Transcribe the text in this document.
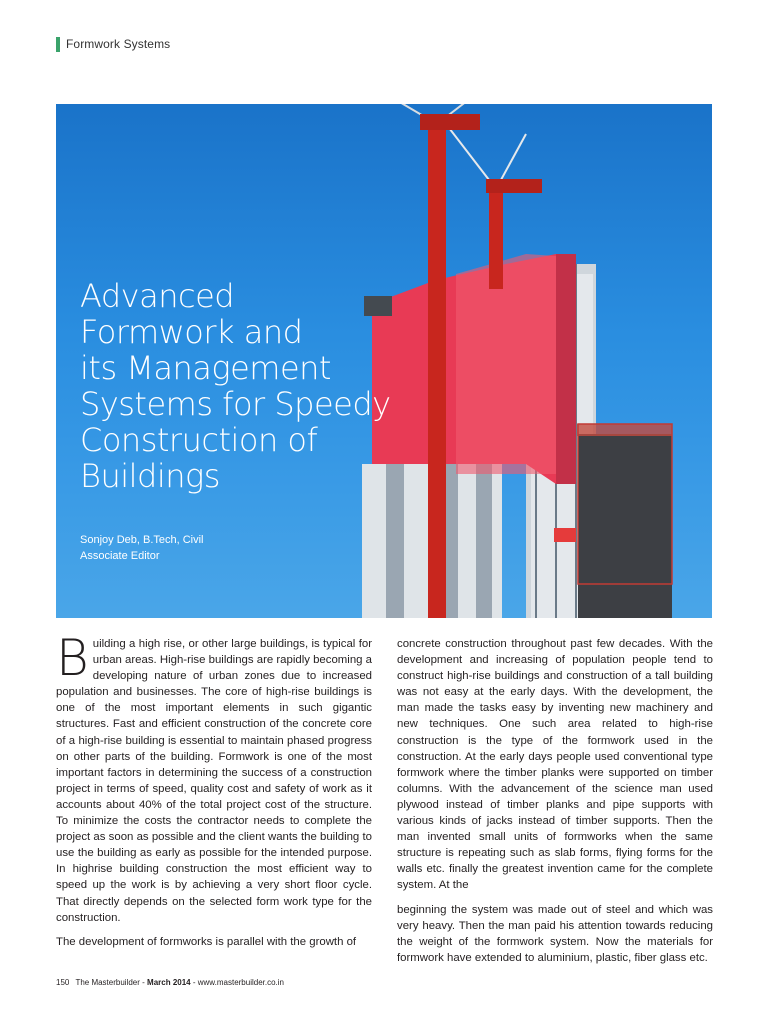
Formwork Systems
Advanced
Formwork and
its Management
Systems for Speedy
Construction of
Buildings
Sonjoy Deb, B.Tech, Civil
Associate Editor

B uilding a high rise, or other large buildings, is typical for urban areas. High-rise buildings are rapidly becoming a developing nature of urban zones due to increased population and businesses. The core of high-rise buildings is one of the most important elements in such gigantic structures. Fast and efficient construction of the concrete core of a high-rise building is essential to maintain phased progress on other parts of the building. Formwork is one of the most important factors in determining the success of a construction project in terms of speed, quality cost and safety of work as it accounts about 40% of the total project cost of the structure. To minimize the costs the contractor needs to complete the project as soon as possible and the client wants the building to use the building as early as possible for the intended purpose. In highrise building construction the most efficient way to speed up the work is by achieving a very short floor cycle. That directly depends on the selected form work type for the construction.

The development of formworks is parallel with the growth of

concrete construction throughout past few decades. With the development and increasing of population people tend to construct high-rise buildings and construction of a tall building was not easy at the early days. With the development, the man made the tasks easy by inventing new machinery and new techniques. One such area related to high-rise construction is the type of the formwork used in the construction. At the early days people used conventional type formwork where the timber planks were supported on timber columns. With the advancement of the science man used plywood instead of timber planks and pipe supports with various kinds of jacks instead of timber supports. Then the man invented small units of formworks when the same structure is repeating such as slab forms, flying forms for the walls etc. finally the greatest invention came for the complete system. At the

beginning the system was made out of steel and which was very heavy. Then the man paid his attention towards reducing the weight of the formwork system. Now the materials for formwork have extended to aluminium, plastic, fiber glass etc.

150 The Masterbuilder - March 2014 - www.masterbuilder.co.in
